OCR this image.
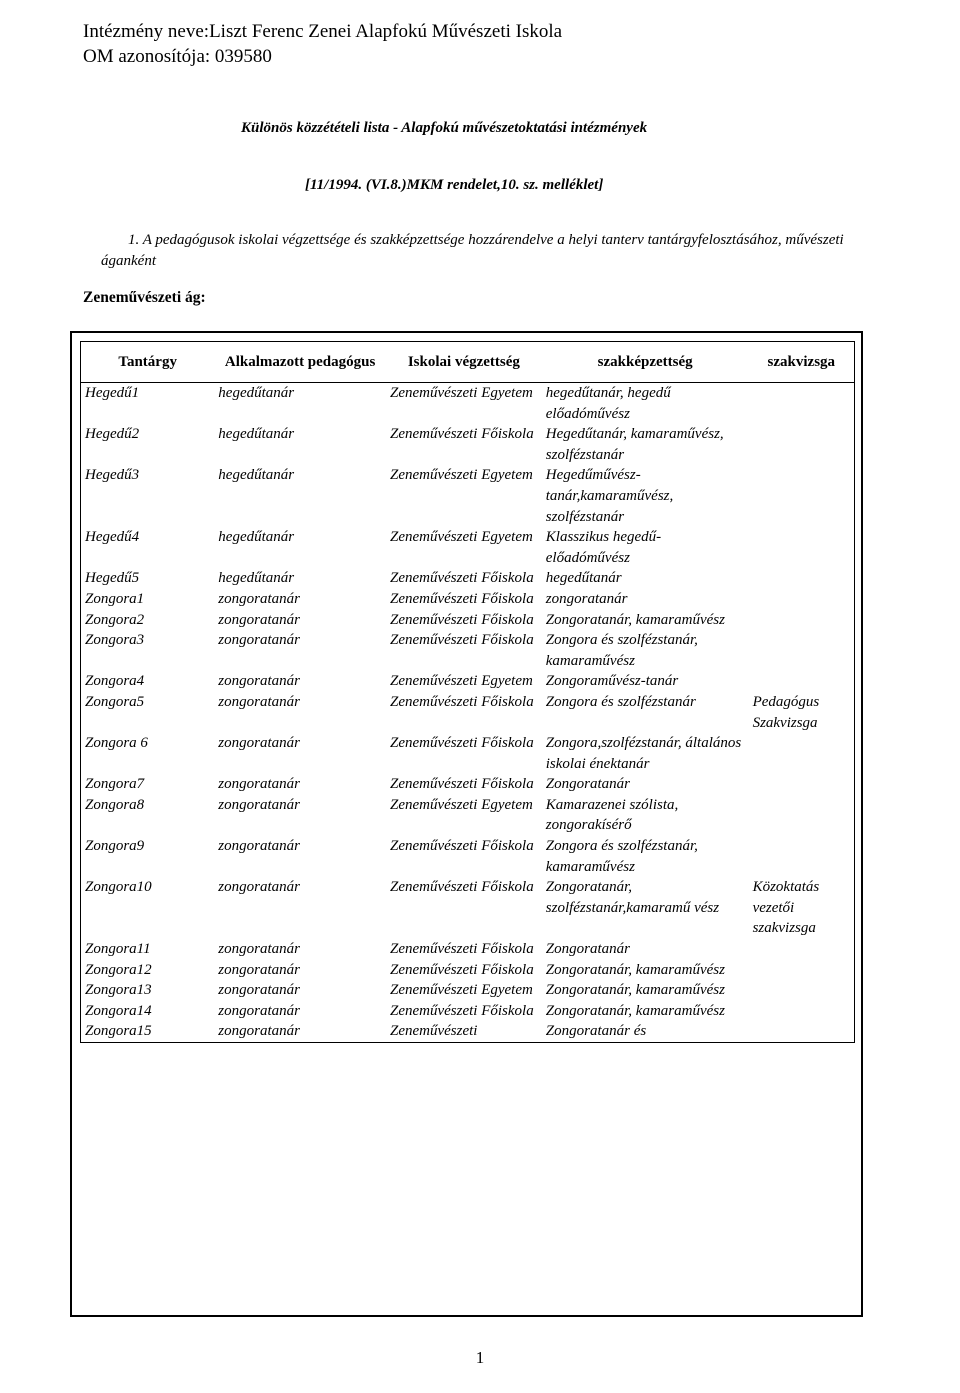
Intézmény neve:Liszt Ferenc Zenei Alapfokú Művészeti Iskola
OM azonosítója: 039580
Különös közzétételi lista - Alapfokú művészetoktatási intézmények
[11/1994. (VI.8.)MKM rendelet,10. sz. melléklet]
1. A pedagógusok iskolai végzettsége és szakképzettsége hozzárendelve a helyi tanterv tantárgyfelosztásához, művészeti áganként
Zeneművészeti ág:
Tantárgy	Alkalmazott pedagógus	Iskolai végzettség	szakképzettség	szakvizsga
Hegedű1	hegedűtanár	Zeneművészeti Egyetem	hegedűtanár, hegedű előadóművész	
Hegedű2	hegedűtanár	Zeneművészeti Főiskola	Hegedűtanár, kamaraművész, szolfézstanár	
Hegedű3	hegedűtanár	Zeneművészeti Egyetem	Hegedűművész-tanár,kamaraművész, szolfézstanár	
Hegedű4	hegedűtanár	Zeneművészeti Egyetem	Klasszikus hegedű-előadóművész	
Hegedű5	hegedűtanár	Zeneművészeti Főiskola	hegedűtanár	
Zongora1	zongoratanár	Zeneművészeti Főiskola	zongoratanár	
Zongora2	zongoratanár	Zeneművészeti Főiskola	Zongoratanár, kamaraművész	
Zongora3	zongoratanár	Zeneművészeti Főiskola	Zongora és szolfézstanár, kamaraművész	
Zongora4	zongoratanár	Zeneművészeti Egyetem	Zongoraművész-tanár	
Zongora5	zongoratanár	Zeneművészeti Főiskola	Zongora és szolfézstanár	Pedagógus Szakvizsga
Zongora 6	zongoratanár	Zeneművészeti Főiskola	Zongora,szolfézstanár, általános iskolai énektanár	
Zongora7	zongoratanár	Zeneművészeti Főiskola	Zongoratanár	
Zongora8	zongoratanár	Zeneművészeti Egyetem	Kamarazenei szólista, zongorakísérő	
Zongora9	zongoratanár	Zeneművészeti Főiskola	Zongora és szolfézstanár, kamaraművész	
Zongora10	zongoratanár	Zeneművészeti Főiskola	Zongoratanár, szolfézstanár,kamaramű vész	Közoktatás vezetői szakvizsga
Zongora11	zongoratanár	Zeneművészeti Főiskola	Zongoratanár	
Zongora12	zongoratanár	Zeneművészeti Főiskola	Zongoratanár, kamaraművész	
Zongora13	zongoratanár	Zeneművészeti Egyetem	Zongoratanár, kamaraművész	
Zongora14	zongoratanár	Zeneművészeti Főiskola	Zongoratanár, kamaraművész	
Zongora15	zongoratanár	Zeneművészeti	Zongoratanár és	
1
